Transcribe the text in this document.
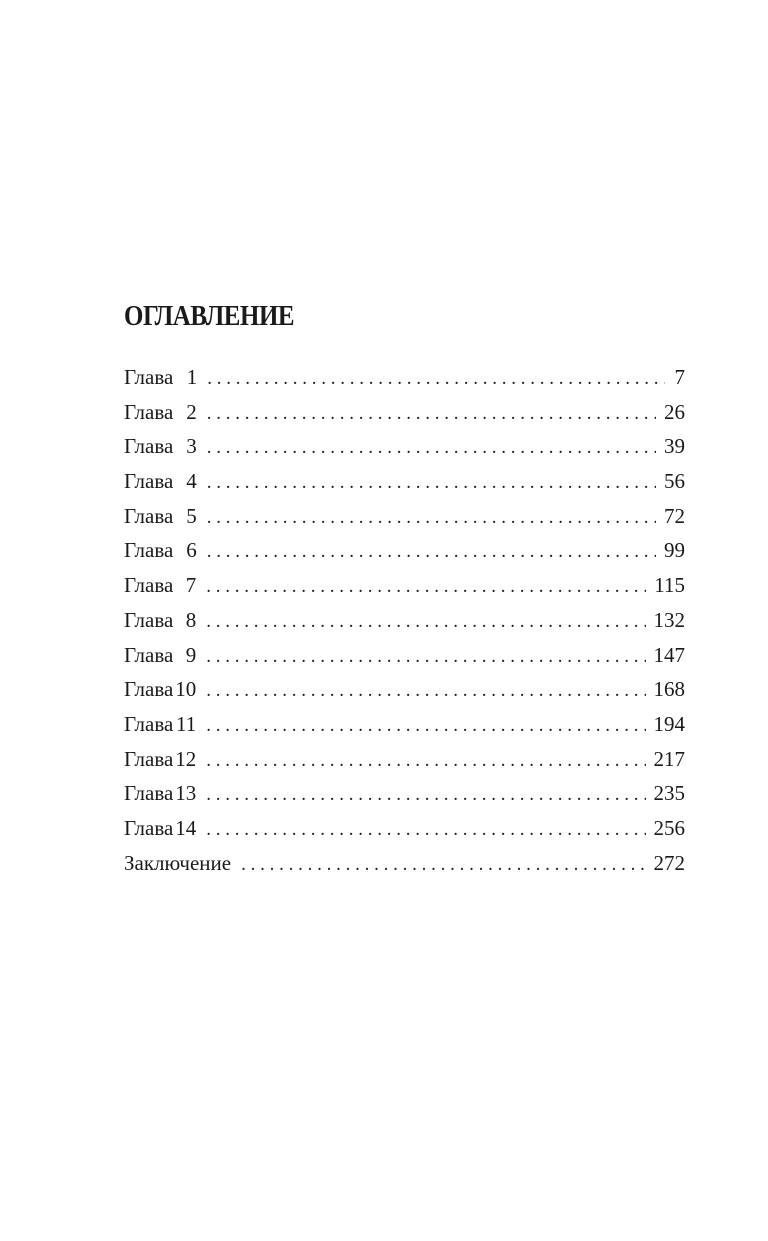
ОГЛАВЛЕНИЕ
Глава 1 . . .	7
Глава 2 . . .	26
Глава 3 . . .	39
Глава 4 . . .	56
Глава 5 . . .	72
Глава 6 . . .	99
Глава 7 . . .	115
Глава 8 . . .	132
Глава 9 . . .	147
Глава 10 . . .	168
Глава 11 . . .	194
Глава 12 . . .	217
Глава 13 . . .	235
Глава 14 . . .	256
Заключение . . .	272
